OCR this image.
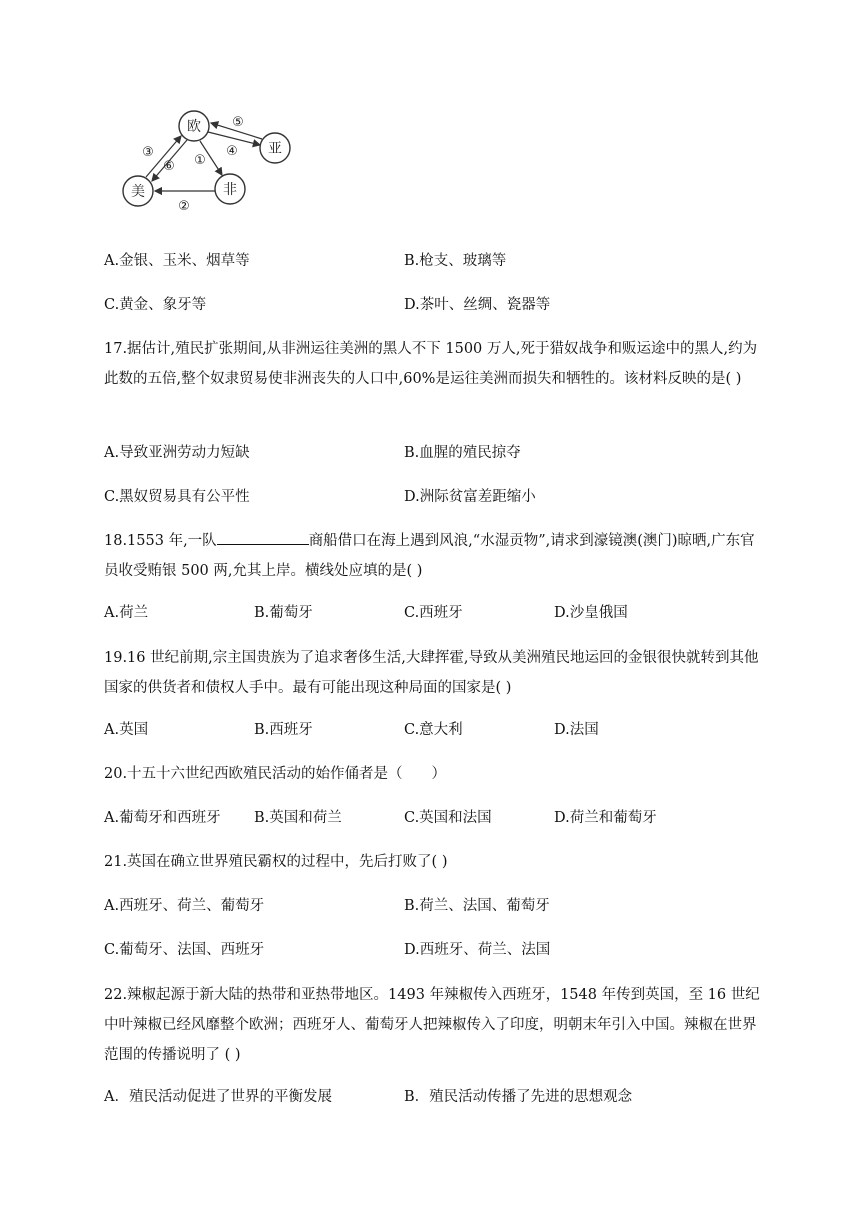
欧
亚
美	非
⑤
④
③
⑥ ①
②
A.金银、玉米、烟草等	B.枪支、玻璃等
C.黄金、象牙等	D.茶叶、丝绸、瓷器等
17.据估计,殖民扩张期间,从非洲运往美洲的黑人不下 1500 万人,死于猎奴战争和贩运途中的黑人,约为此数的五倍,整个奴隶贸易使非洲丧失的人口中,60%是运往美洲而损失和牺牲的。该材料反映的是( )
A.导致亚洲劳动力短缺	B.血腥的殖民掠夺
C.黑奴贸易具有公平性	D.洲际贫富差距缩小
18.1553 年,一队	商船借口在海上遇到风浪,“水湿贡物”,请求到濠镜澳(澳门)晾晒,广东官员收受贿银 500 两,允其上岸。横线处应填的是( )
A.荷兰	B.葡萄牙	C.西班牙	D.沙皇俄国
19.16 世纪前期,宗主国贵族为了追求奢侈生活,大肆挥霍,导致从美洲殖民地运回的金银很快就转到其他国家的供货者和债权人手中。最有可能出现这种局面的国家是( )
A.英国	B.西班牙	C.意大利	D.法国
20.十五十六世纪西欧殖民活动的始作俑者是（　　）
A.葡萄牙和西班牙 B.英国和荷兰	C.英国和法国	D.荷兰和葡萄牙
21.英国在确立世界殖民霸权的过程中，先后打败了( )
A.西班牙、荷兰、葡萄牙	B.荷兰、法国、葡萄牙
C.葡萄牙、法国、西班牙	D.西班牙、荷兰、法国
22.辣椒起源于新大陆的热带和亚热带地区。1493 年辣椒传入西班牙，1548 年传到英国，至 16 世纪中叶辣椒已经风靡整个欧洲；西班牙人、葡萄牙人把辣椒传入了印度，明朝末年引入中国。辣椒在世界范围的传播说明了 ( )
A．殖民活动促进了世界的平衡发展	B．殖民活动传播了先进的思想观念
